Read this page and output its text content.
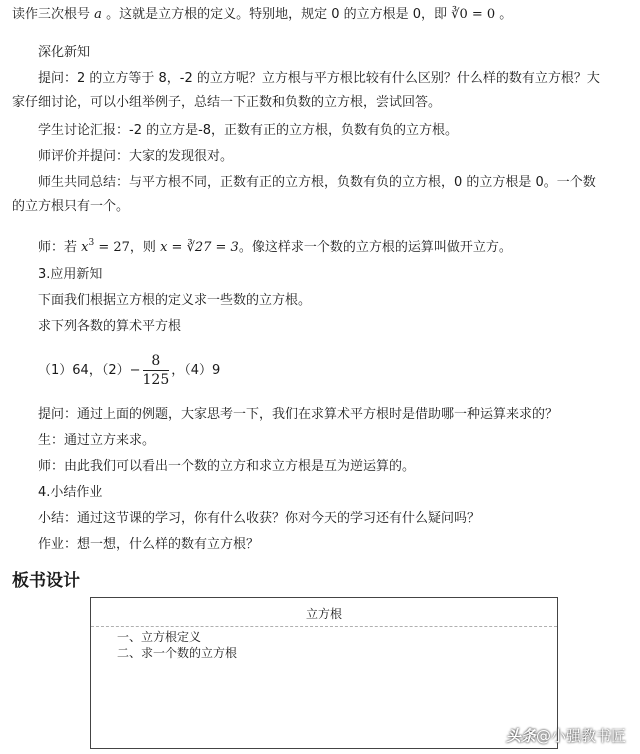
读作三次根号 a 。这就是立方根的定义。特别地，规定 0 的立方根是 0，即 ∛0 = 0 。
深化新知
提问：2 的立方等于 8，-2 的立方呢？立方根与平方根比较有什么区别？什么样的数有立方根？大
家仔细讨论，可以小组举例子，总结一下正数和负数的立方根，尝试回答。
学生讨论汇报：-2 的立方是-8，正数有正的立方根，负数有负的立方根。
师评价并提问：大家的发现很对。
师生共同总结：与平方根不同，正数有正的立方根，负数有负的立方根，0 的立方根是 0。一个数
的立方根只有一个。
师：若 $x^3 = 27$，则 x = ∛27 = 3。像这样求一个数的立方根的运算叫做开立方。
3.应用新知
下面我们根据立方根的定义求一些数的立方根。
求下列各数的算术平方根
（1）64，$(2)- \frac{8}{125}$ ，（4）9
提问：通过上面的例题，大家思考一下，我们在求算术平方根时是借助哪一种运算来求的？
生：通过立方来求。
师：由此我们可以看出一个数的立方和求立方根是互为逆运算的。
4.小结作业
小结：通过这节课的学习，你有什么收获？你对今天的学习还有什么疑问吗？
作业：想一想，什么样的数有立方根？
板书设计
立方根
一、立方根定义
二、求一个数的立方根
头条@小强教书匠
